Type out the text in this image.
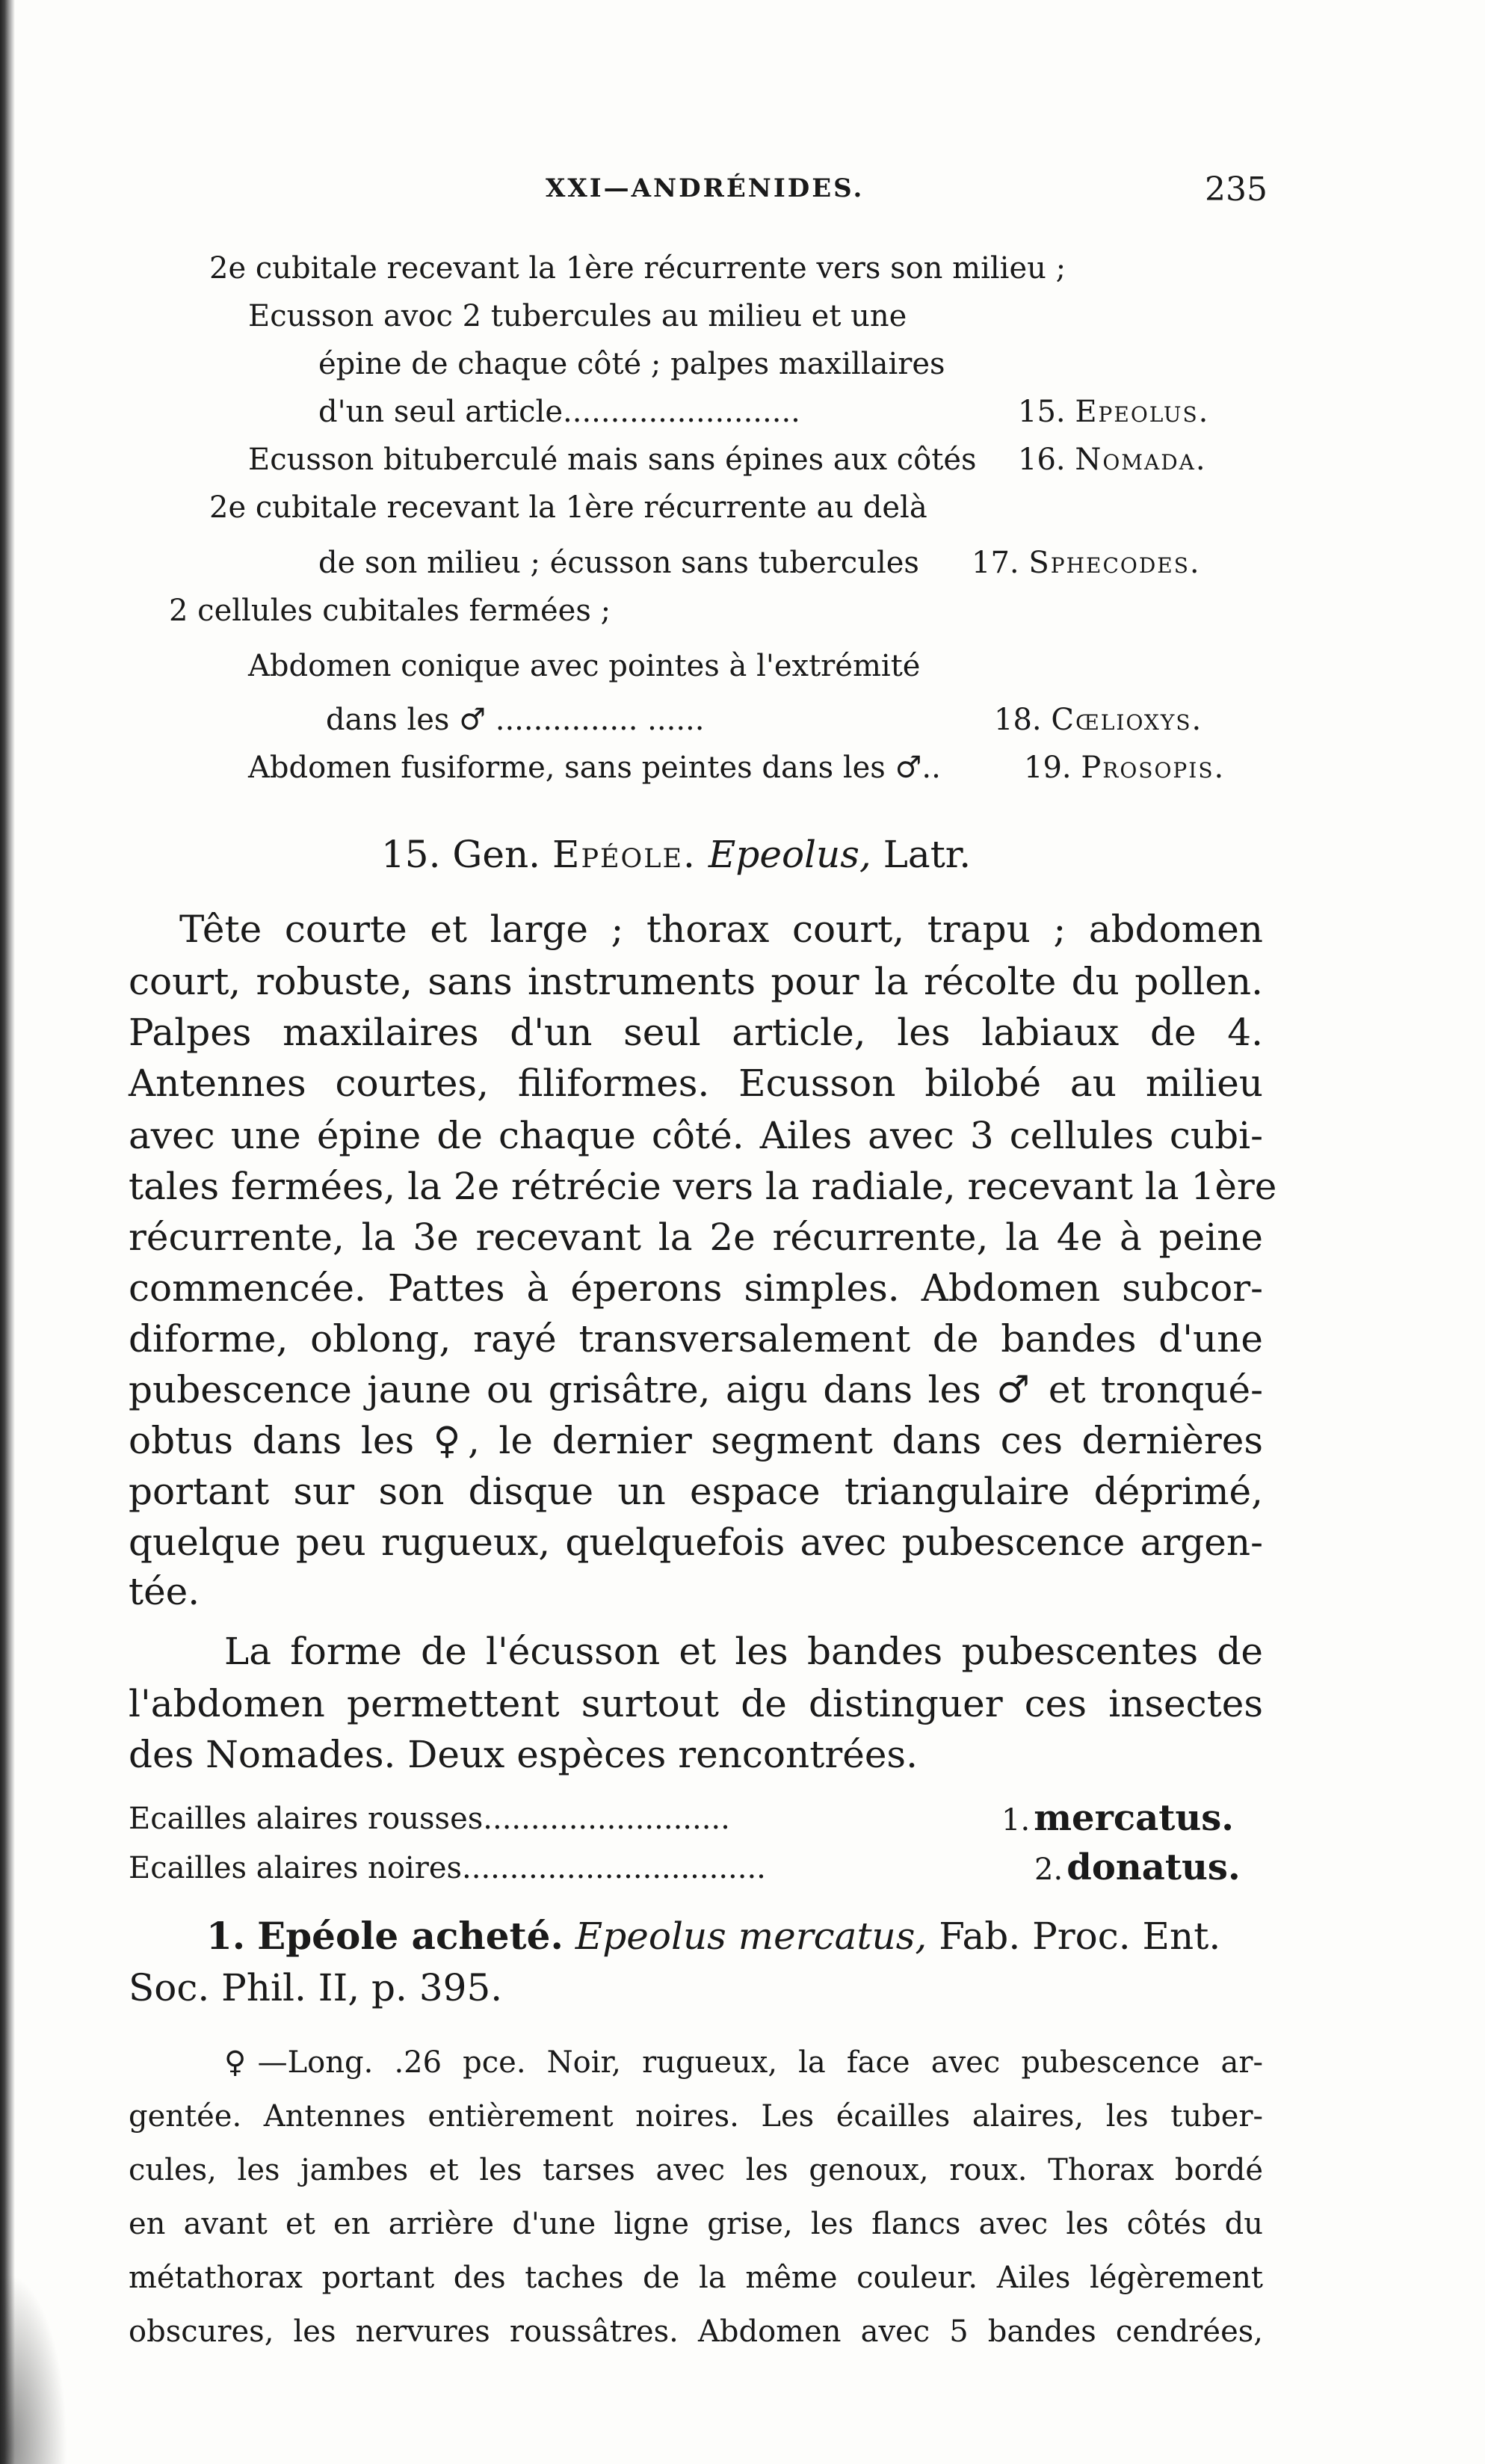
XXI—ANDRÉNIDES.	235
2e cubitale recevant la 1ère récurrente vers son milieu ;
Ecusson avoc 2 tubercules au milieu et une
épine de chaque côté ; palpes maxillaires
d'un seul article.........................	15. Epeolus.
Ecusson bituberculé mais sans épines aux côtés 16. Nomada.
2e cubitale recevant la 1ère récurrente au delà
de son milieu ; écusson sans tubercules 17. Sphecodes.
2 cellules cubitales fermées ;
Abdomen conique avec pointes à l'extrémité
dans les ♂ ............... ......	18. Cœlioxys.
Abdomen fusiforme, sans peintes dans les ♂..	19. Prosopis.
15. Gen. Epéole. Epeolus, Latr.
Tête courte et large ; thorax court, trapu ; abdomen
court, robuste, sans instruments pour la récolte du pollen.
Palpes maxilaires d'un seul article, les labiaux de 4.
Antennes courtes, filiformes. Ecusson bilobé au milieu
avec une épine de chaque côté. Ailes avec 3 cellules cubi-
tales fermées, la 2e rétrécie vers la radiale, recevant la 1ère
récurrente, la 3e recevant la 2e récurrente, la 4e à peine
commencée. Pattes à éperons simples. Abdomen subcor-
diforme, oblong, rayé transversalement de bandes d'une
pubescence jaune ou grisâtre, aigu dans les ♂ et tronqué-
obtus dans les ♀, le dernier segment dans ces dernières
portant sur son disque un espace triangulaire déprimé,
quelque peu rugueux, quelquefois avec pubescence argen-
tée.
La forme de l'écusson et les bandes pubescentes de
l'abdomen permettent surtout de distinguer ces insectes
des Nomades. Deux espèces rencontrées.
Ecailles alaires rousses..........................	1. mercatus.
Ecailles alaires noires................................	2. donatus.
1. Epéole acheté. Epeolus mercatus, Fab. Proc. Ent.
Soc. Phil. II, p. 395.
♀—Long. .26 pce. Noir, rugueux, la face avec pubescence ar-
gentée. Antennes entièrement noires. Les écailles alaires, les tuber-
cules, les jambes et les tarses avec les genoux, roux. Thorax bordé
en avant et en arrière d'une ligne grise, les flancs avec les côtés du
métathorax portant des taches de la même couleur. Ailes légèrement
obscures, les nervures roussâtres. Abdomen avec 5 bandes cendrées,
